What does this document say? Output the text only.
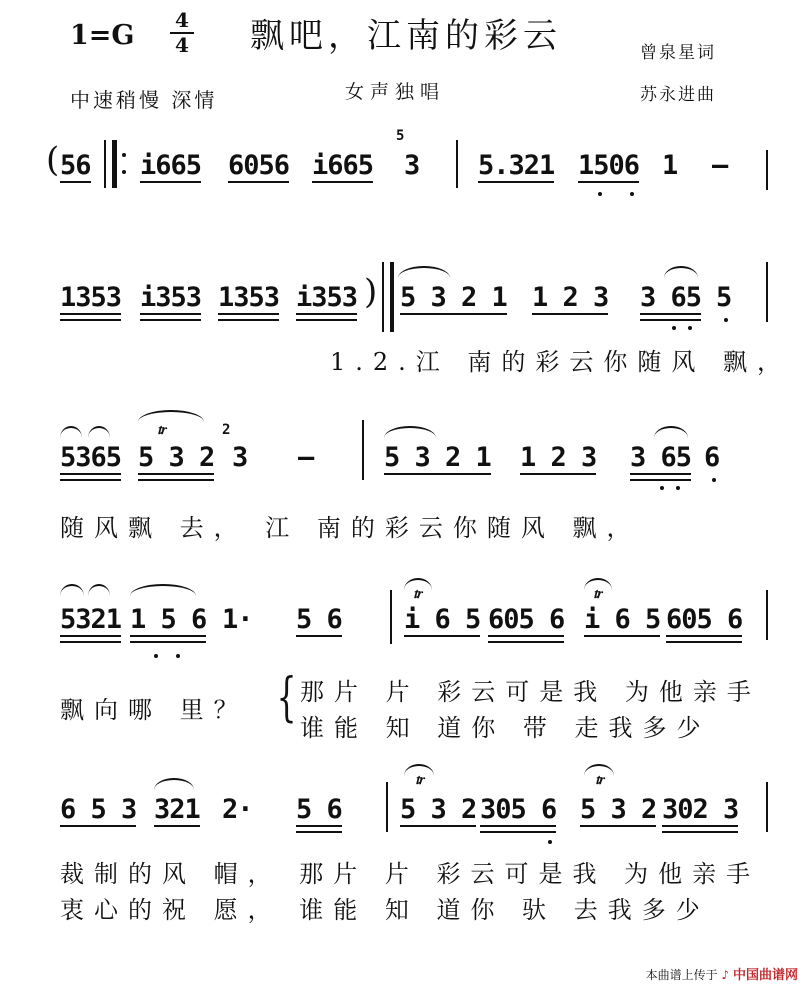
1=G 4
4 飘吧，江南的彩云	曾泉星词
苏永进曲
中速稍慢 深情	女声独唱
( 56 i665 6056 i665
5
3 5.321 1506 1 –
1353 i353 1353 i353 ) 5 3 2 1 1 2 3 3 65 5
1.2.江 南的彩云你随风 飘，
5365
𝆖
5 3 2
2
3 –	5 3 2 1 1 2 3 3 65 6
随风飘 去， 江 南的彩云你随风 飘，
5321 1 5 6 1· 5 6
𝆖
i 6 5 605 6
𝆖
i 6 5 605 6
飘向哪 里？ { 那片 片 彩云可是我 为他亲手
谁能 知 道你 带 走我多少
6 5 3 321 2· 5 6
𝆖
5 3 2 305 6
𝆖
5 3 2 302 3
裁制的风 帽， 那片 片 彩云可是我 为他亲手
衷心的祝 愿， 谁能 知 道你 驮 去我多少
本曲谱上传于 ♪ 中国曲谱网
